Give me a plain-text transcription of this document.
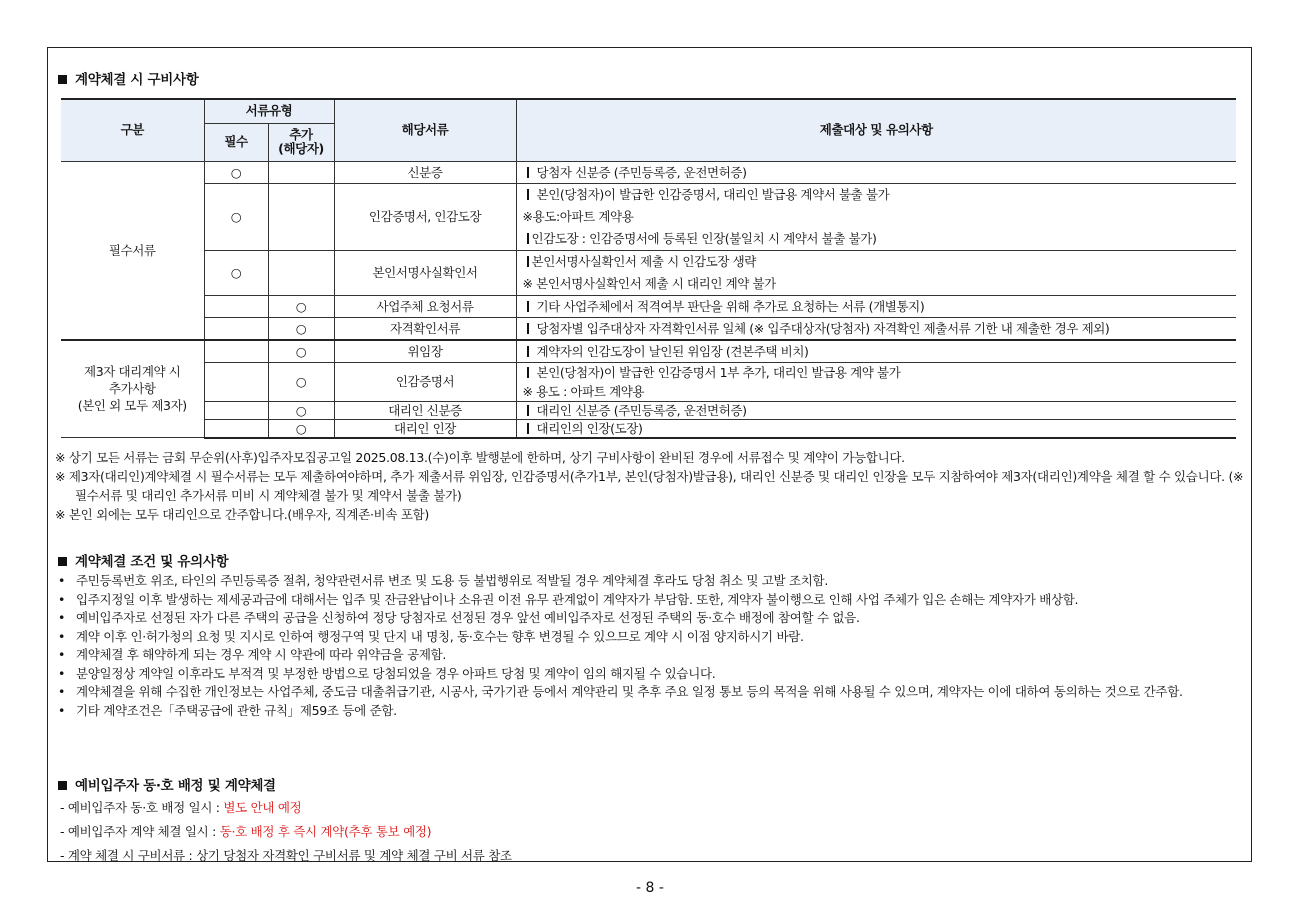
계약체결 시 구비사항
구분	서류유형		해당서류	제출대상 및 유의사항
	필수	추가
(해당자)		
필수서류	○		신분증	당첨자 신분증 (주민등록증, 운전면허증)
	○		인감증명서, 인감도장	본인(당첨자)이 발급한 인감증명서, 대리인 발급용 계약서 불출 불가
※용도:아파트 계약용
인감도장 : 인감증명서에 등록된 인장(불일치 시 계약서 불출 불가)

	○		본인서명사실확인서	본인서명사실확인서 제출 시 인감도장 생략
※ 본인서명사실확인서 제출 시 대리인 계약 불가

		○	사업주체 요청서류	기타 사업주체에서 적격여부 판단을 위해 추가로 요청하는 서류 (개별통지)
		○	자격확인서류	당첨자별 입주대상자 자격확인서류 일체 (※ 입주대상자(당첨자) 자격확인 제출서류 기한 내 제출한 경우 제외)
제3자 대리계약 시
추가사항
(본인 외 모두 제3자)		○	위임장	계약자의 인감도장이 날인된 위임장 (견본주택 비치)
		○	인감증명서	본인(당첨자)이 발급한 인감증명서 1부 추가, 대리인 발급용 계약 불가
※ 용도 : 아파트 계약용

		○	대리인 신분증	대리인 신분증 (주민등록증, 운전면허증)
		○	대리인 인장	대리인의 인장(도장)
※ 상기 모든 서류는 금회 무순위(사후)입주자모집공고일 2025.08.13.(수)이후 발행분에 한하며, 상기 구비사항이 완비된 경우에 서류접수 및 계약이 가능합니다.
※ 제3자(대리인)계약체결 시 필수서류는 모두 제출하여야하며, 추가 제출서류 위임장, 인감증명서(추가1부, 본인(당첨자)발급용), 대리인 신분증 및 대리인 인장을 모두 지참하여야 제3자(대리인)계약을 체결 할 수 있습니다. (※필수서류 및 대리인 추가서류 미비 시 계약체결 불가 및 계약서 불출 불가)
※ 본인 외에는 모두 대리인으로 간주합니다.(배우자, 직계존·비속 포함)
계약체결 조건 및 유의사항
• 주민등록번호 위조, 타인의 주민등록증 절취, 청약관련서류 변조 및 도용 등 불법행위로 적발될 경우 계약체결 후라도 당첨 취소 및 고발 조치함.
• 입주지정일 이후 발생하는 제세공과금에 대해서는 입주 및 잔금완납이나 소유권 이전 유무 관계없이 계약자가 부담함. 또한, 계약자 불이행으로 인해 사업 주체가 입은 손해는 계약자가 배상함.
• 예비입주자로 선정된 자가 다른 주택의 공급을 신청하여 정당 당첨자로 선정된 경우 앞선 예비입주자로 선정된 주택의 동·호수 배정에 참여할 수 없음.
• 계약 이후 인·허가청의 요청 및 지시로 인하여 행정구역 및 단지 내 명칭, 동·호수는 향후 변경될 수 있으므로 계약 시 이점 양지하시기 바람.
• 계약체결 후 해약하게 되는 경우 계약 시 약관에 따라 위약금을 공제함.
• 분양일정상 계약일 이후라도 부적격 및 부정한 방법으로 당첨되었을 경우 아파트 당첨 및 계약이 임의 해지될 수 있습니다.
• 계약체결을 위해 수집한 개인정보는 사업주체, 중도금 대출취급기관, 시공사, 국가기관 등에서 계약관리 및 추후 주요 일정 통보 등의 목적을 위해 사용될 수 있으며, 계약자는 이에 대하여 동의하는 것으로 간주함.
• 기타 계약조건은「주택공급에 관한 규칙」제59조 등에 준함.
예비입주자 동·호 배정 및 계약체결
- 예비입주자 동·호 배정 일시 : 별도 안내 예정
- 예비입주자 계약 체결 일시 : 동·호 배정 후 즉시 계약(추후 통보 예정)
- 계약 체결 시 구비서류 : 상기 당첨자 자격확인 구비서류 및 계약 체결 구비 서류 참조
- 8 -
